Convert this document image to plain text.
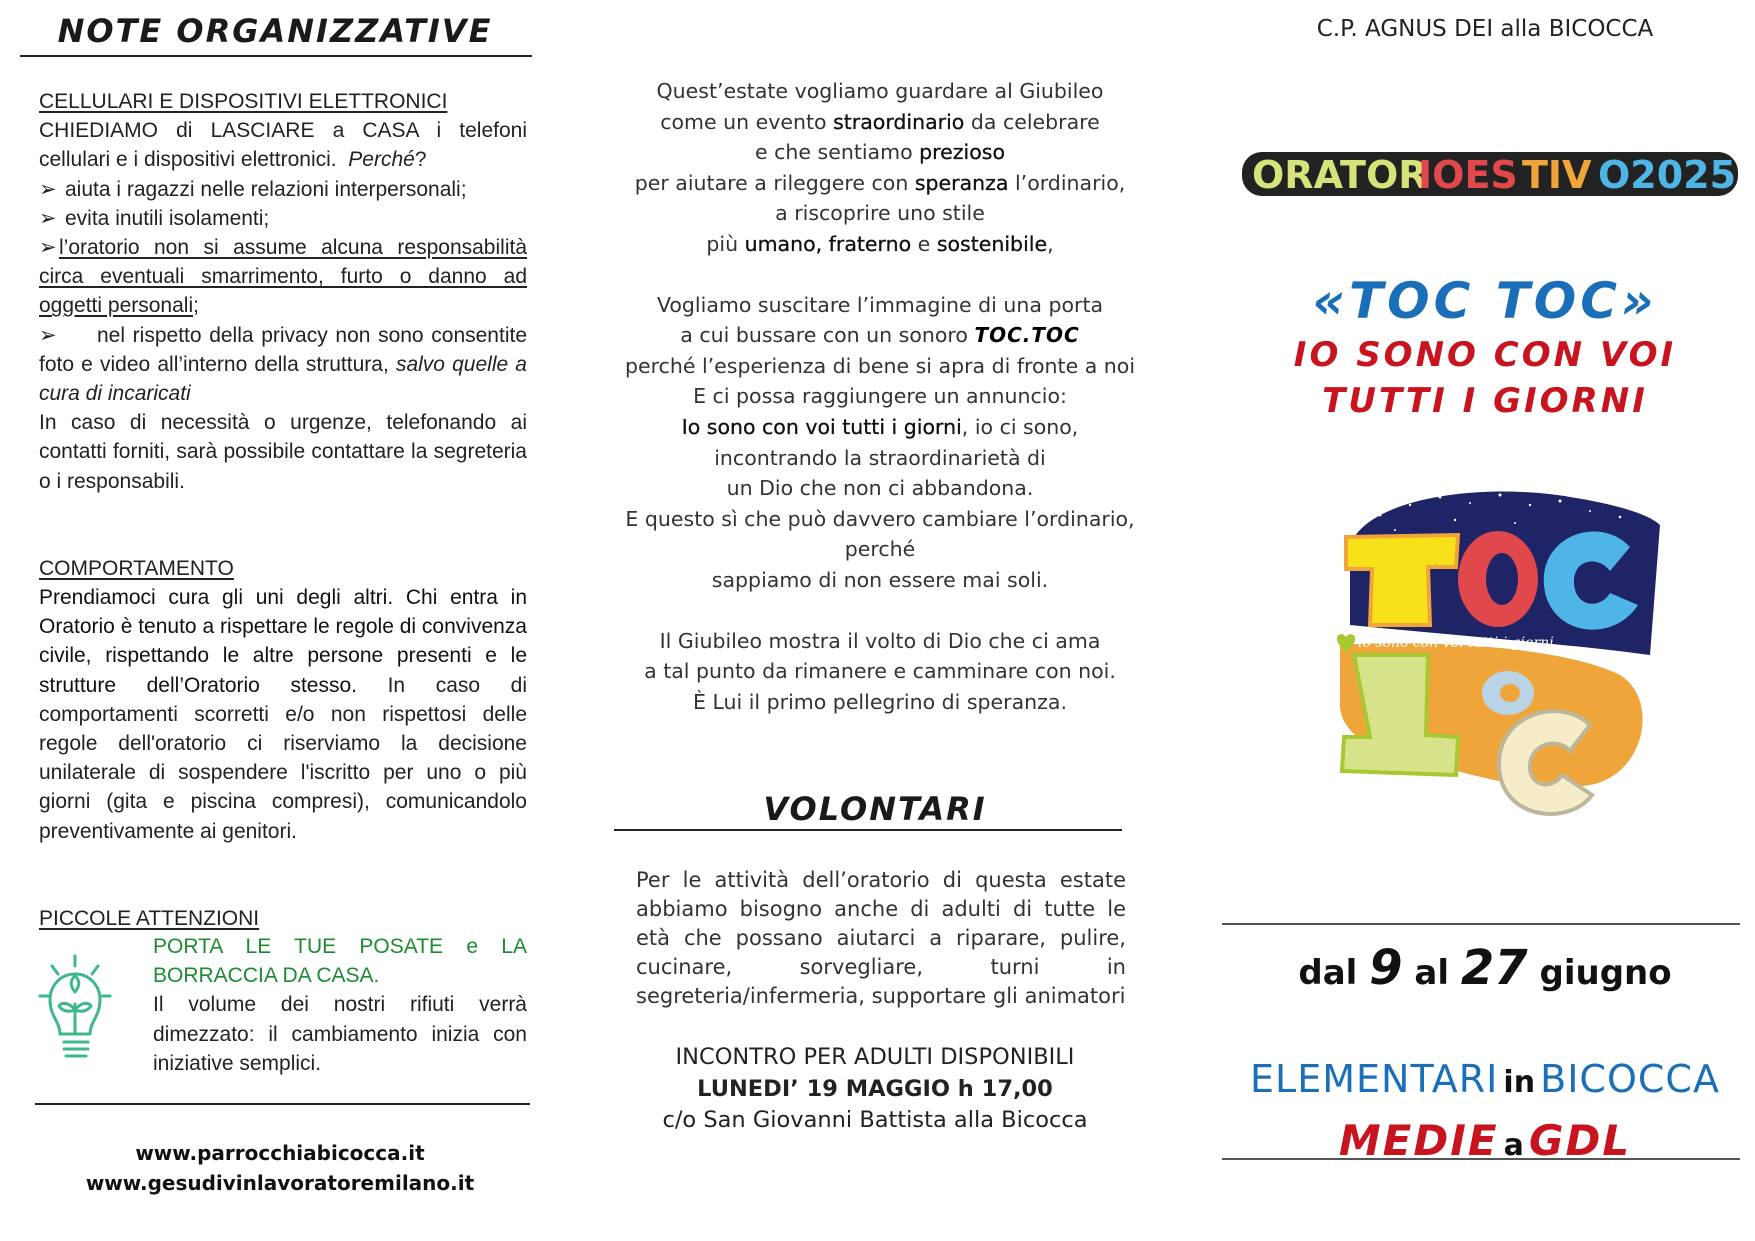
NOTE ORGANIZZATIVE
CELLULARI E DISPOSITIVI ELETTRONICI
CHIEDIAMO di LASCIARE a CASA i telefoni cellulari e i dispositivi elettronici. Perché?
➢ aiuta i ragazzi nelle relazioni interpersonali;
➢ evita inutili isolamenti;
➢ l’oratorio non si assume alcuna responsabilità circa eventuali smarrimento, furto o danno ad oggetti personali;
➢ nel rispetto della privacy non sono consentite foto e video all’interno della struttura, salvo quelle a cura di incaricati
In caso di necessità o urgenze, telefonando ai contatti forniti, sarà possibile contattare la segreteria o i responsabili.
COMPORTAMENTO
Prendiamoci cura gli uni degli altri. Chi entra in Oratorio è tenuto a rispettare le regole di convivenza civile, rispettando le altre persone presenti e le strutture dell’Oratorio stesso. In caso di comportamenti scorretti e/o non rispettosi delle regole dell'oratorio ci riserviamo la decisione unilaterale di sospendere l'iscritto per uno o più giorni (gita e piscina compresi), comunicandolo preventivamente ai genitori.
PICCOLE ATTENZIONI
PORTA LE TUE POSATE e LA BORRACCIA DA CASA.
Il volume dei nostri rifiuti verrà dimezzato: il cambiamento inizia con iniziative semplici.
www.parrocchiabicocca.it
www.gesudivinlavoratoremilano.it
Quest’estate vogliamo guardare al Giubileo
come un evento straordinario da celebrare
e che sentiamo prezioso
per aiutare a rileggere con speranza l’ordinario,
a riscoprire uno stile
più umano, fraterno e sostenibile,
Vogliamo suscitare l’immagine di una porta
a cui bussare con un sonoro TOC.TOC
perché l’esperienza di bene si apra di fronte a noi
E ci possa raggiungere un annuncio:
Io sono con voi tutti i giorni, io ci sono,
incontrando la straordinarietà di
un Dio che non ci abbandona.
E questo sì che può davvero cambiare l’ordinario, perché
sappiamo di non essere mai soli.
Il Giubileo mostra il volto di Dio che ci ama
a tal punto da rimanere e camminare con noi.
È Lui il primo pellegrino di speranza.
VOLONTARI
Per le attività dell’oratorio di questa estate abbiamo bisogno anche di adulti di tutte le età che possano aiutarci a riparare, pulire, cucinare, sorvegliare, turni in segreteria/infermeria, supportare gli animatori
INCONTRO PER ADULTI DISPONIBILI
LUNEDI’ 19 MAGGIO h 17,00
c/o San Giovanni Battista alla Bicocca
C.P. AGNUS DEI alla BICOCCA
ORATOR
IOES TIV O2025
«TOC TOC»
IO SONO CON VOI
TUTTI I GIORNI
io sono con voi tutti i giorni
dal 9 al 27 giugno
ELEMENTARI in BICOCCA
MEDIE a GDL
